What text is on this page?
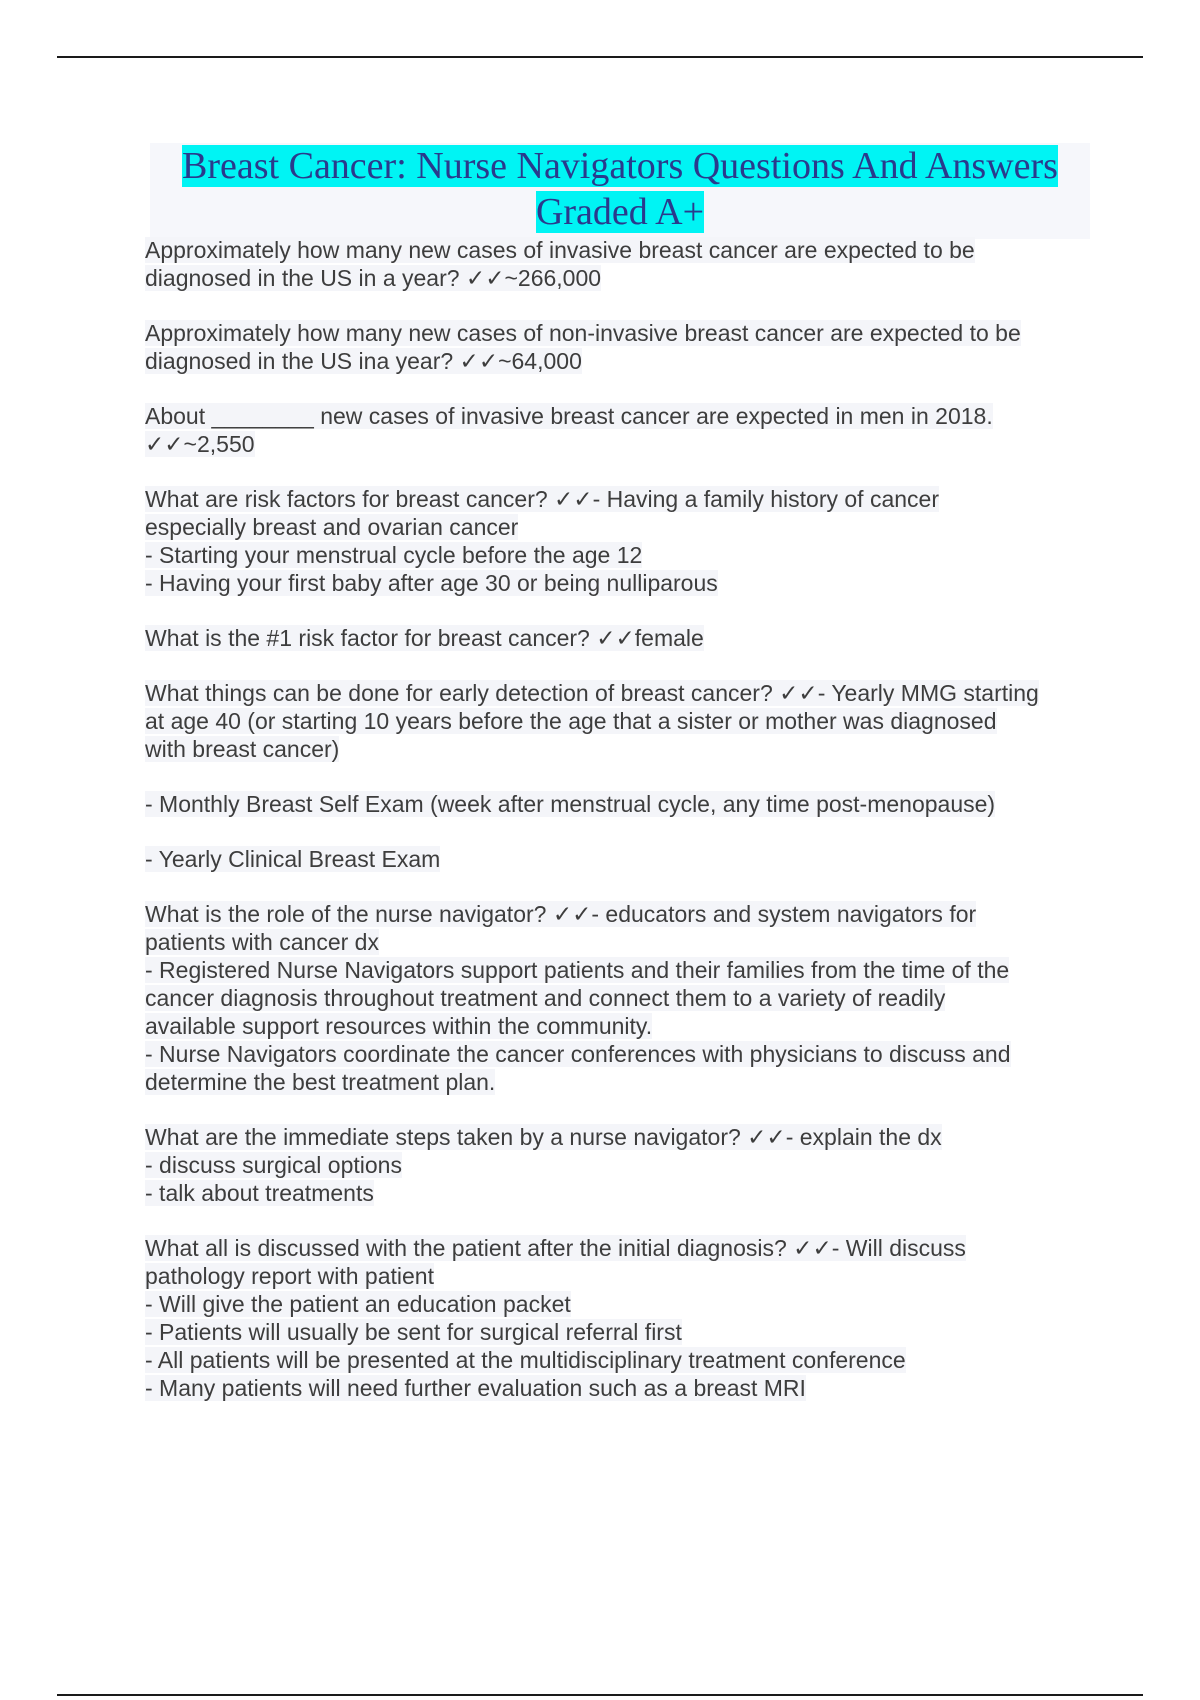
Breast Cancer: Nurse Navigators Questions And Answers
Graded A+

Approximately how many new cases of invasive breast cancer are expected to be
diagnosed in the US in a year? ✓✓~266,000

Approximately how many new cases of non-invasive breast cancer are expected to be
diagnosed in the US ina year? ✓✓~64,000

About ________ new cases of invasive breast cancer are expected in men in 2018.
✓✓~2,550

What are risk factors for breast cancer? ✓✓- Having a family history of cancer
especially breast and ovarian cancer
- Starting your menstrual cycle before the age 12
- Having your first baby after age 30 or being nulliparous

What is the #1 risk factor for breast cancer? ✓✓female

What things can be done for early detection of breast cancer? ✓✓- Yearly MMG starting
at age 40 (or starting 10 years before the age that a sister or mother was diagnosed
with breast cancer)

- Monthly Breast Self Exam (week after menstrual cycle, any time post-menopause)

- Yearly Clinical Breast Exam

What is the role of the nurse navigator? ✓✓- educators and system navigators for
patients with cancer dx
- Registered Nurse Navigators support patients and their families from the time of the
cancer diagnosis throughout treatment and connect them to a variety of readily
available support resources within the community.
- Nurse Navigators coordinate the cancer conferences with physicians to discuss and
determine the best treatment plan.

What are the immediate steps taken by a nurse navigator? ✓✓- explain the dx
- discuss surgical options
- talk about treatments

What all is discussed with the patient after the initial diagnosis? ✓✓- Will discuss
pathology report with patient
- Will give the patient an education packet
- Patients will usually be sent for surgical referral first
- All patients will be presented at the multidisciplinary treatment conference
- Many patients will need further evaluation such as a breast MRI
